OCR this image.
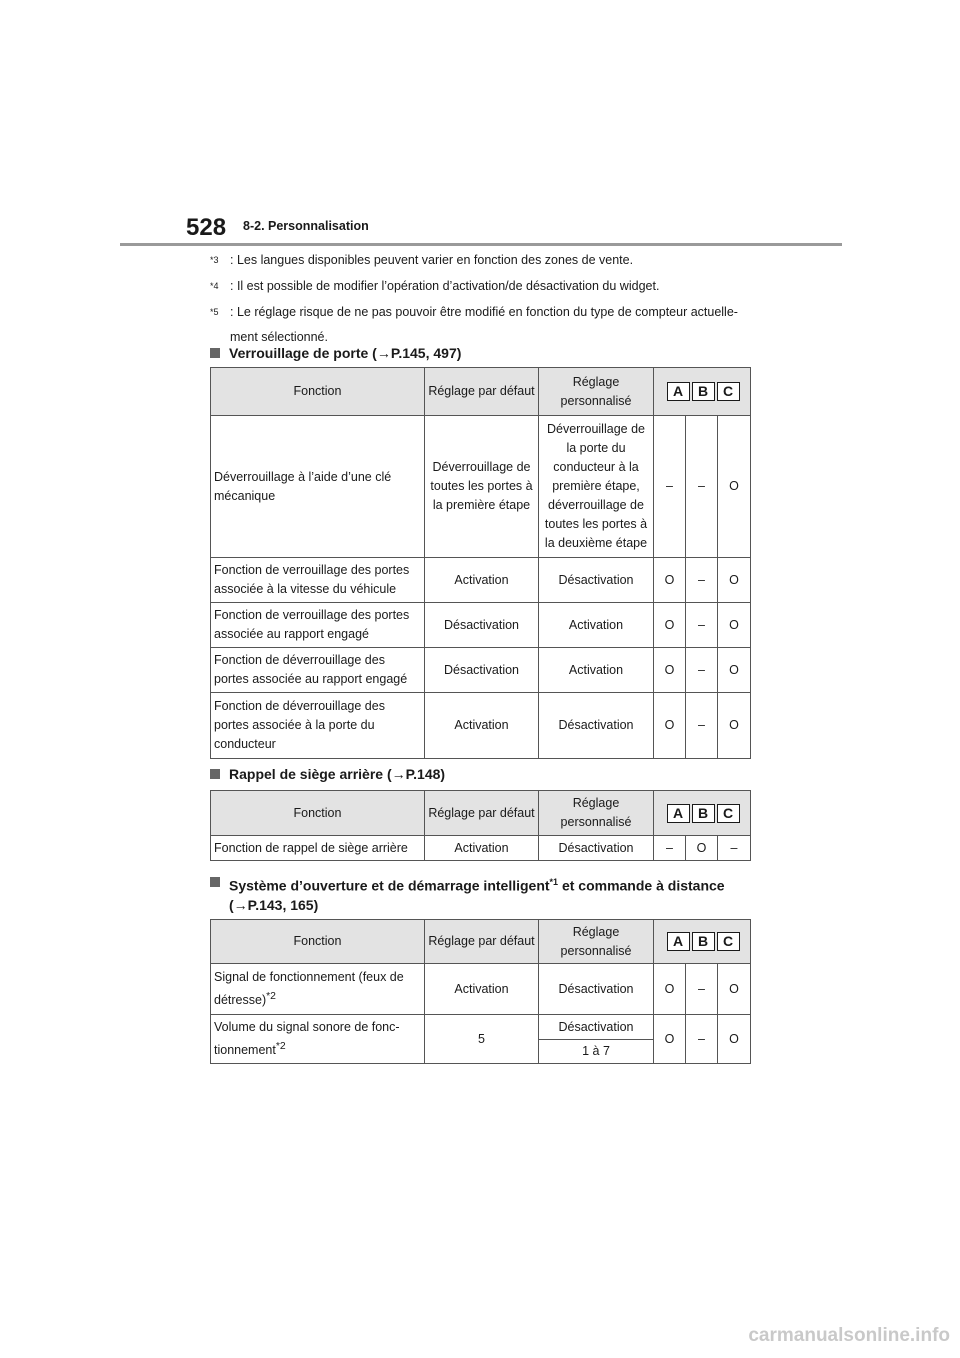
528 8-2. Personnalisation
$^{*3}$ : Les langues disponibles peuvent varier en fonction des zones de vente.
$^{*4}$ : Il est possible de modifier l’opération d’activation/de désactivation du widget.
$^{*5}$ : Le réglage risque de ne pas pouvoir être modifié en fonction du type de compteur actuelle-
ment sélectionné.
Verrouillage de porte (→P.145, 497)
Fonction	Réglage par défaut	Réglage personnalisé	A B C		

Déverrouillage à l’aide d’une clé mécanique	Déverrouillage de toutes les portes à la première étape	Déverrouillage de la porte du conducteur à la première étape, déverrouillage de toutes les portes à la deuxième étape	–	–	O
Fonction de verrouillage des portes associée à la vitesse du véhicule	Activation	Désactivation	O	–	O
Fonction de verrouillage des portes associée au rapport engagé	Désactivation	Activation	O	–	O
Fonction de déverrouillage des portes associée au rapport engagé	Désactivation	Activation	O	–	O
Fonction de déverrouillage des portes associée à la porte du conducteur	Activation	Désactivation	O	–	O
Rappel de siège arrière (→P.148)
Fonction	Réglage par défaut	Réglage personnalisé	A B C		

Fonction de rappel de siège arrière	Activation	Désactivation	–	O	–
Système d’ouverture et de démarrage intelligent$^{*1}$ et commande à distance
(→P.143, 165)
Fonction	Réglage par défaut	Réglage personnalisé	A B C		

Signal de fonctionnement (feux de détresse)$^{*2}$	Activation	Désactivation	O	–	O
Volume du signal sonore de fonc-tionnement$^{*2}$	5	Désactivation	O	–	O
		1 à 7			
carmanualsonline.info
